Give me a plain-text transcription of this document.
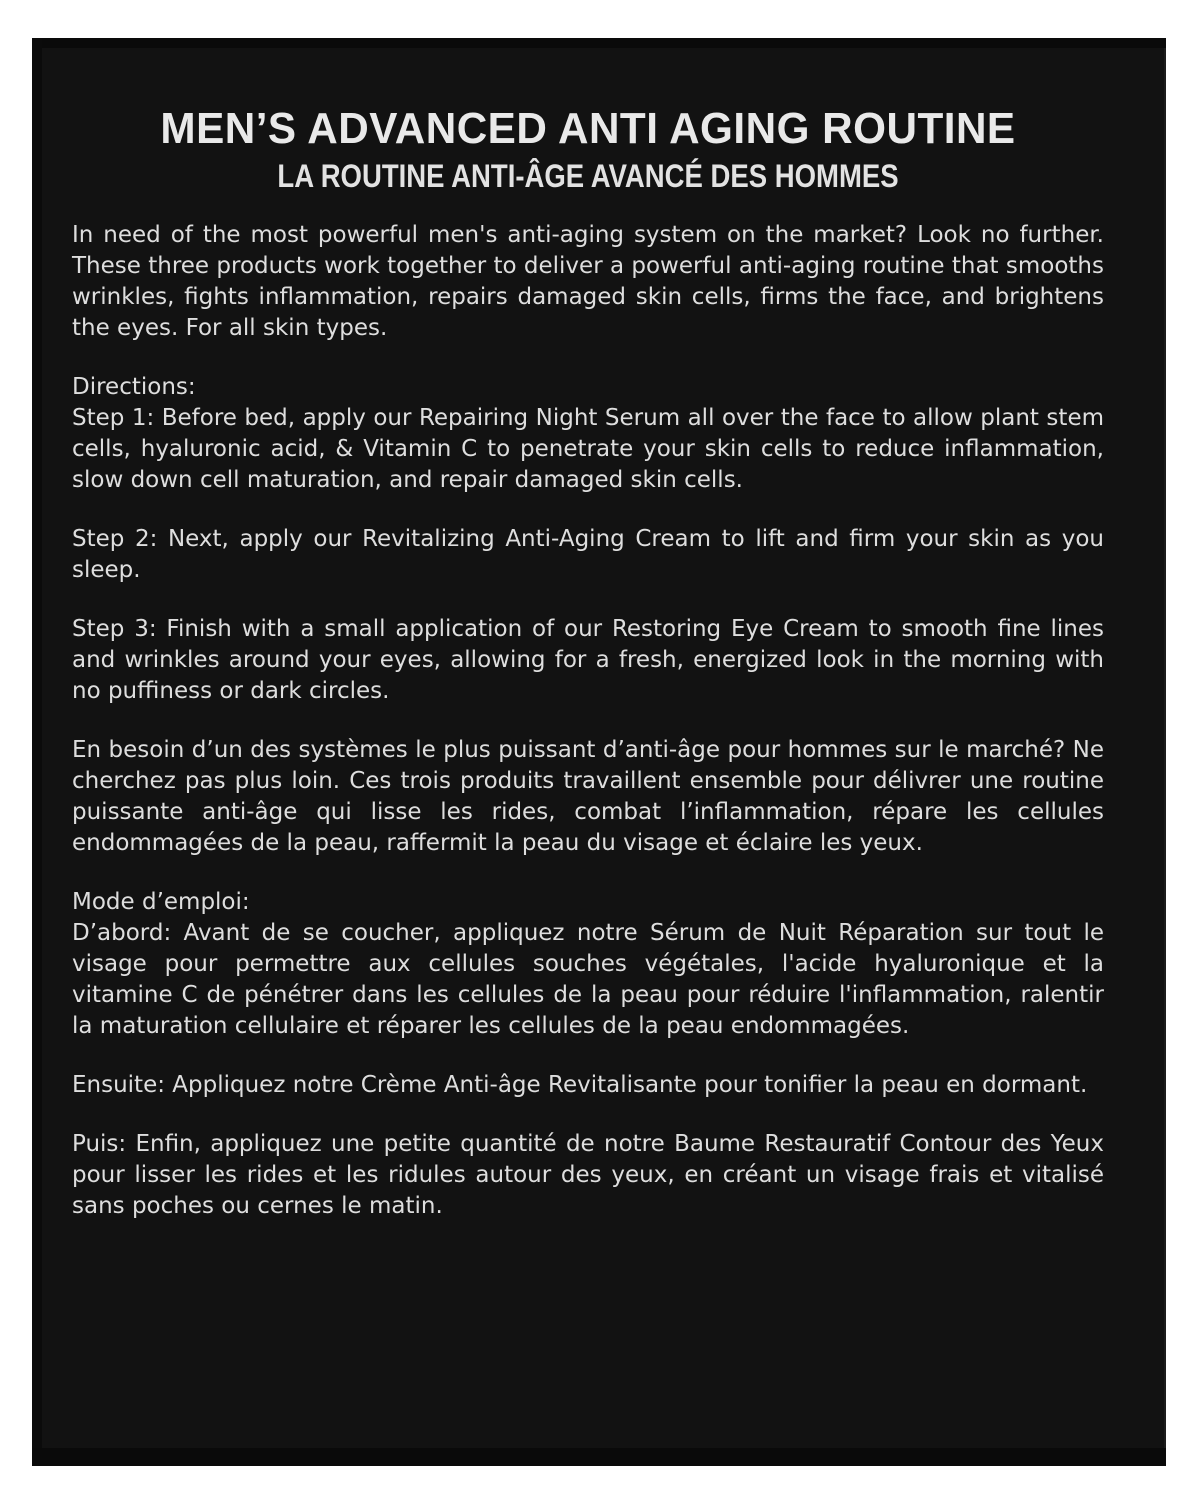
MEN’S ADVANCED ANTI AGING ROUTINE
LA ROUTINE ANTI-ÂGE AVANCÉ DES HOMMES

In need of the most powerful men's anti-aging system on the market? Look no further. These three products work together to deliver a powerful anti-aging routine that smooths wrinkles, fights inflammation, repairs damaged skin cells, firms the face, and brightens the eyes. For all skin types.

Directions:

Step 1: Before bed, apply our Repairing Night Serum all over the face to allow plant stem cells, hyaluronic acid, & Vitamin C to penetrate your skin cells to reduce inflammation, slow down cell maturation, and repair damaged skin cells.

Step 2: Next, apply our Revitalizing Anti-Aging Cream to lift and firm your skin as you sleep.

Step 3: Finish with a small application of our Restoring Eye Cream to smooth fine lines and wrinkles around your eyes, allowing for a fresh, energized look in the morning with no puffiness or dark circles.

En besoin d’un des systèmes le plus puissant d’anti-âge pour hommes sur le marché? Ne cherchez pas plus loin. Ces trois produits travaillent ensemble pour délivrer une routine puissante anti-âge qui lisse les rides, combat l’inflammation, répare les cellules endommagées de la peau, raffermit la peau du visage et éclaire les yeux.

Mode d’emploi:

D’abord: Avant de se coucher, appliquez notre Sérum de Nuit Réparation sur tout le visage pour permettre aux cellules souches végétales, l'acide hyaluronique et la vitamine C de pénétrer dans les cellules de la peau pour réduire l'inflammation, ralentir la maturation cellulaire et réparer les cellules de la peau endommagées.

Ensuite: Appliquez notre Crème Anti-âge Revitalisante pour tonifier la peau en dormant.

Puis: Enfin, appliquez une petite quantité de notre Baume Restauratif Contour des Yeux pour lisser les rides et les ridules autour des yeux, en créant un visage frais et vitalisé sans poches ou cernes le matin.
